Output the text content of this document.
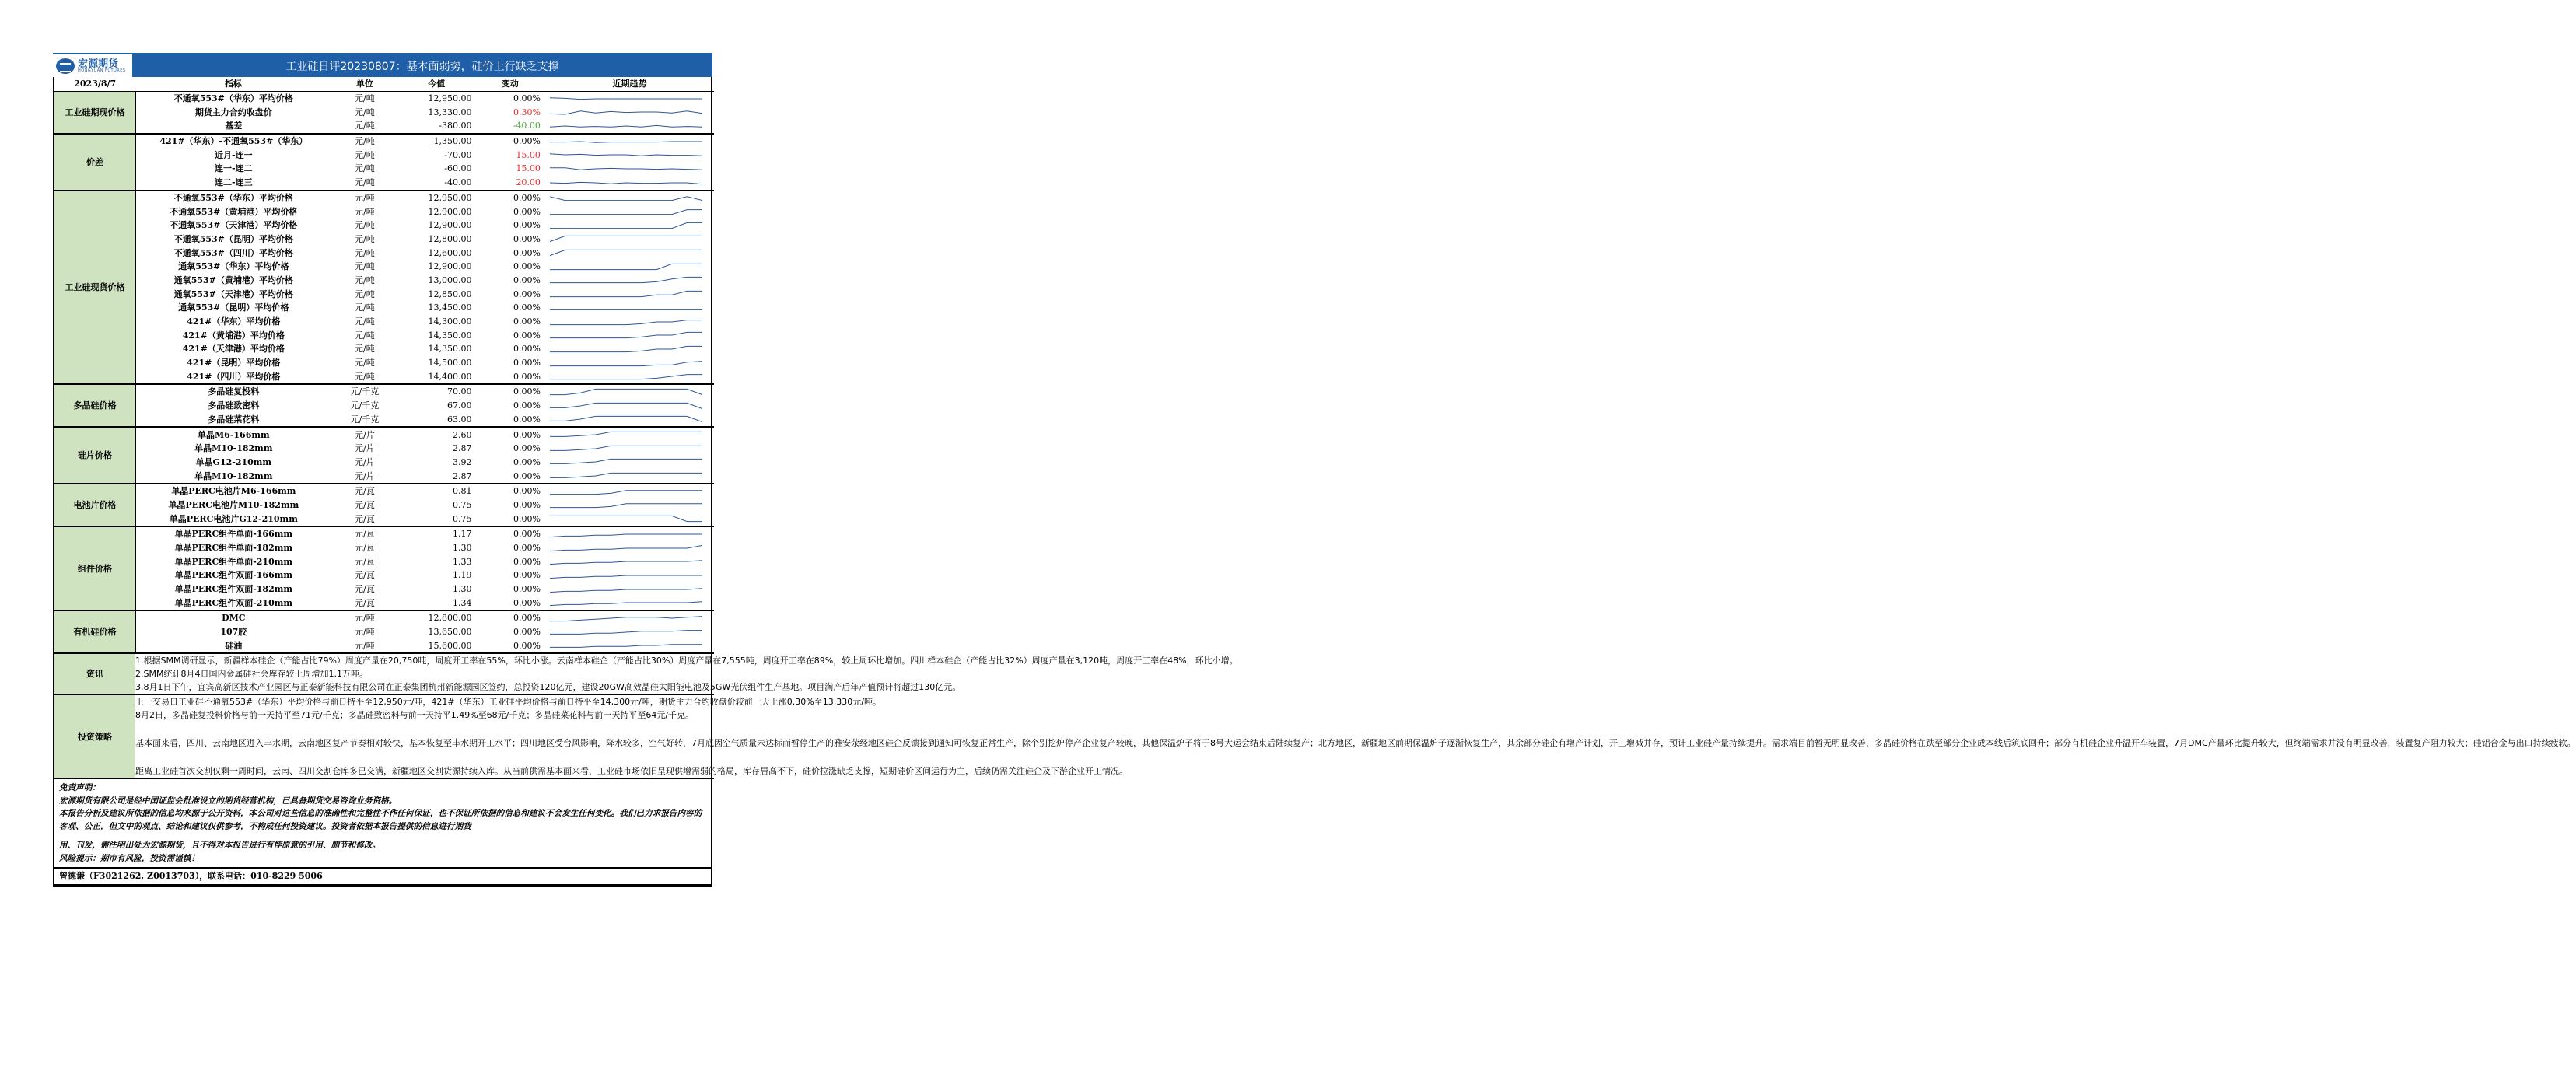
宏源期货
HONGYUAN FUTURES	工业硅日评20230807：基本面弱势，硅价上行缺乏支撑
2023/8/7	指标	单位	今值	变动	近期趋势
工业硅期现价格	不通氧553#（华东）平均价格	元/吨	12,950.00	0.00%	

	期货主力合约收盘价	元/吨	13,330.00	0.30%	

	基差	元/吨	-380.00	-40.00	

价差	421#（华东）-不通氧553#（华东）	元/吨	1,350.00	0.00%	

	近月-连一	元/吨	-70.00	15.00	

	连一-连二	元/吨	-60.00	15.00	

	连二-连三	元/吨	-40.00	20.00	

工业硅现货价格	不通氧553#（华东）平均价格	元/吨	12,950.00	0.00%	

	不通氧553#（黄埔港）平均价格	元/吨	12,900.00	0.00%	

	不通氧553#（天津港）平均价格	元/吨	12,900.00	0.00%	

	不通氧553#（昆明）平均价格	元/吨	12,800.00	0.00%	

	不通氧553#（四川）平均价格	元/吨	12,600.00	0.00%	

	通氧553#（华东）平均价格	元/吨	12,900.00	0.00%	

	通氧553#（黄埔港）平均价格	元/吨	13,000.00	0.00%	

	通氧553#（天津港）平均价格	元/吨	12,850.00	0.00%	

	通氧553#（昆明）平均价格	元/吨	13,450.00	0.00%	

	421#（华东）平均价格	元/吨	14,300.00	0.00%	

	421#（黄埔港）平均价格	元/吨	14,350.00	0.00%	

	421#（天津港）平均价格	元/吨	14,350.00	0.00%	

	421#（昆明）平均价格	元/吨	14,500.00	0.00%	

	421#（四川）平均价格	元/吨	14,400.00	0.00%	

多晶硅价格	多晶硅复投料	元/千克	70.00	0.00%	

	多晶硅致密料	元/千克	67.00	0.00%	

	多晶硅菜花料	元/千克	63.00	0.00%	

硅片价格	单晶M6-166mm	元/片	2.60	0.00%	

	单晶M10-182mm	元/片	2.87	0.00%	

	单晶G12-210mm	元/片	3.92	0.00%	

	单晶M10-182mm	元/片	2.87	0.00%	

电池片价格	单晶PERC电池片M6-166mm	元/瓦	0.81	0.00%	

	单晶PERC电池片M10-182mm	元/瓦	0.75	0.00%	

	单晶PERC电池片G12-210mm	元/瓦	0.75	0.00%	

组件价格	单晶PERC组件单面-166mm	元/瓦	1.17	0.00%	

	单晶PERC组件单面-182mm	元/瓦	1.30	0.00%	

	单晶PERC组件单面-210mm	元/瓦	1.33	0.00%	

	单晶PERC组件双面-166mm	元/瓦	1.19	0.00%	

	单晶PERC组件双面-182mm	元/瓦	1.30	0.00%	

	单晶PERC组件双面-210mm	元/瓦	1.34	0.00%	

有机硅价格	DMC	元/吨	12,800.00	0.00%	

	107胶	元/吨	13,650.00	0.00%	

	硅油	元/吨	15,600.00	0.00%	
资讯	

1.根据SMM调研显示，新疆样本硅企（产能占比79%）周度产量在20,750吨，周度开工率在55%，环比小涨。云南样本硅企（产能占比30%）周度产量在7,555吨，周度开工率在89%，较上周环比增加。四川样本硅企（产能占比32%）周度产量在3,120吨，周度开工率在48%，环比小增。

2.SMM统计8月4日国内金属硅社会库存较上周增加1.1万吨。

3.8月1日下午，宜宾高新区技术产业园区与正泰新能科技有限公司在正泰集团杭州新能源园区签约，总投资120亿元，建设20GW高效晶硅太阳能电池及5GW光伏组件生产基地。项目满产后年产值预计将超过130亿元。

投资策略	

上一交易日工业硅不通氧553#（华东）平均价格与前日持平至12,950元/吨，421#（华东）工业硅平均价格与前日持平至14,300元/吨，期货主力合约收盘价较前一天上涨0.30%至13,330元/吨。

8月2日，多晶硅复投料价格与前一天持平至71元/千克；多晶硅致密料与前一天持平1.49%至68元/千克；多晶硅菜花料与前一天持平至64元/千克。

基本面来看，四川、云南地区进入丰水期，云南地区复产节奏相对较快，基本恢复至丰水期开工水平；四川地区受台风影响，降水较多，空气好转，7月底因空气质量未达标而暂停生产的雅安荥经地区硅企反馈接到通知可恢复正常生产，除个别挖炉停产企业复产较晚，其他保温炉子将于8号大运会结束后陆续复产；北方地区，新疆地区前期保温炉子逐渐恢复生产，其余部分硅企有增产计划，开工增减并存，预计工业硅产量持续提升。需求端目前暂无明显改善，多晶硅价格在跌至部分企业成本线后筑底回升；部分有机硅企业升温开车装置，7月DMC产量环比提升较大，但终端需求并没有明显改善，装置复产阻力较大；硅铝合金与出口持续疲软。

距离工业硅首次交割仅剩一周时间，云南、四川交割仓库多已交满，新疆地区交割货源持续入库。从当前供需基本面来看，工业硅市场依旧呈现供增需弱的格局，库存居高不下，硅价拉涨缺乏支撑，短期硅价区间运行为主，后续仍需关注硅企及下游企业开工情况。

免责声明：
宏源期货有限公司是经中国证监会批准设立的期货经营机构，已具备期货交易咨询业务资格。
本报告分析及建议所依据的信息均来源于公开资料，本公司对这些信息的准确性和完整性不作任何保证，也不保证所依据的信息和建议不会发生任何变化。我们已力求报告内容的客观、公正，但文中的观点、结论和建议仅供参考，不构成任何投资建议。投资者依据本报告提供的信息进行期货
用、刊发，需注明出处为宏源期货，且不得对本报告进行有悖原意的引用、删节和修改。
风险提示：期市有风险，投资需谨慎！
曾德谦（F3021262, Z0013703），联系电话：010-8229 5006
